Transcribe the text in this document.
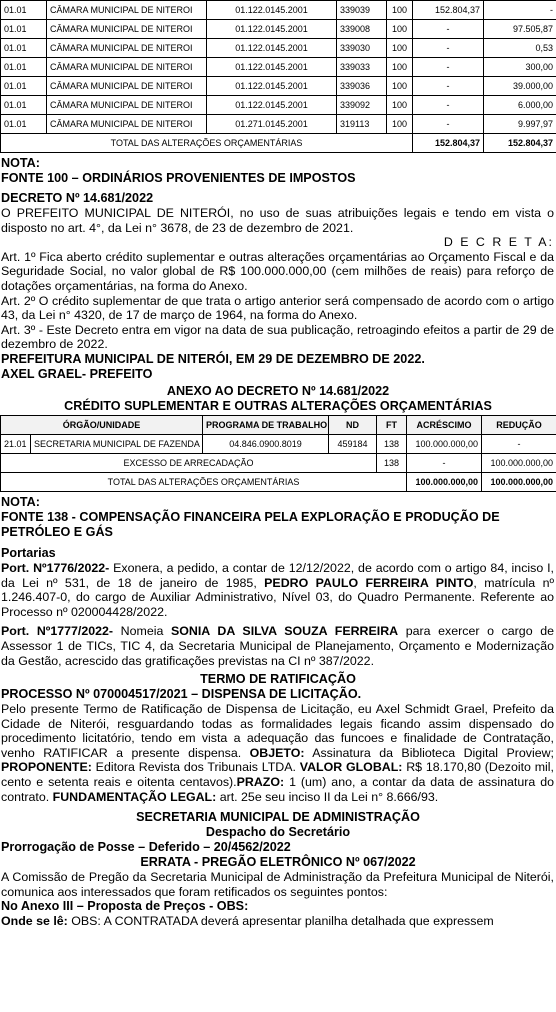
01.01	CÂMARA MUNICIPAL DE NITEROI	01.122.0145.2001	339039	100	152.804,37	-
01.01	CÂMARA MUNICIPAL DE NITEROI	01.122.0145.2001	339008	100	-	97.505,87
01.01	CÂMARA MUNICIPAL DE NITEROI	01.122.0145.2001	339030	100	-	0,53
01.01	CÂMARA MUNICIPAL DE NITEROI	01.122.0145.2001	339033	100	-	300,00
01.01	CÂMARA MUNICIPAL DE NITEROI	01.122.0145.2001	339036	100	-	39.000,00
01.01	CÂMARA MUNICIPAL DE NITEROI	01.122.0145.2001	339092	100	-	6.000,00
01.01	CÂMARA MUNICIPAL DE NITEROI	01.271.0145.2001	319113	100	-	9.997,97
TOTAL DAS ALTERAÇÕES ORÇAMENTÁRIAS					152.804,37	152.804,37
NOTA:
FONTE 100 – ORDINÁRIOS PROVENIENTES DE IMPOSTOS
DECRETO Nº 14.681/2022
O PREFEITO MUNICIPAL DE NITERÓI, no uso de suas atribuições legais e tendo em vista o disposto no art. 4°, da Lei n° 3678, de 23 de dezembro de 2021.
D E C R E T A:
Art. 1º Fica aberto crédito suplementar e outras alterações orçamentárias ao Orçamento Fiscal e da Seguridade Social, no valor global de R$ 100.000.000,00 (cem milhões de reais) para reforço de dotações orçamentárias, na forma do Anexo.
Art. 2º O crédito suplementar de que trata o artigo anterior será compensado de acordo com o artigo 43, da Lei n° 4320, de 17 de março de 1964, na forma do Anexo.
Art. 3º - Este Decreto entra em vigor na data de sua publicação, retroagindo efeitos a partir de 29 de dezembro de 2022.
PREFEITURA MUNICIPAL DE NITERÓI, EM 29 DE DEZEMBRO DE 2022.
AXEL GRAEL- PREFEITO
ANEXO AO DECRETO Nº 14.681/2022
CRÉDITO SUPLEMENTAR E OUTRAS ALTERAÇÕES ORÇAMENTÁRIAS
ÓRGÃO/UNIDADE		PROGRAMA DE TRABALHO	ND	FT	ACRÉSCIMO	REDUÇÃO
21.01	SECRETARIA MUNICIPAL DE FAZENDA	04.846.0900.8019	459184	138	100.000.000,00	-
EXCESSO DE ARRECADAÇÃO				138	-	100.000.000,00
TOTAL DAS ALTERAÇÕES ORÇAMENTÁRIAS					100.000.000,00	100.000.000,00
NOTA:
FONTE 138 - COMPENSAÇÃO FINANCEIRA PELA EXPLORAÇÃO E PRODUÇÃO DE PETRÓLEO E GÁS
Portarias
Port. Nº1776/2022- Exonera, a pedido, a contar de 12/12/2022, de acordo com o artigo 84, inciso I, da Lei nº 531, de 18 de janeiro de 1985, PEDRO PAULO FERREIRA PINTO, matrícula nº 1.246.407-0, do cargo de Auxiliar Administrativo, Nível 03, do Quadro Permanente. Referente ao Processo nº 020004428/2022.
Port. Nº1777/2022- Nomeia SONIA DA SILVA SOUZA FERREIRA para exercer o cargo de Assessor 1 de TICs, TIC 4, da Secretaria Municipal de Planejamento, Orçamento e Modernização da Gestão, acrescido das gratificações previstas na CI nº 387/2022.
TERMO DE RATIFICAÇÃO
PROCESSO Nº 070004517/2021 – DISPENSA DE LICITAÇÃO.
Pelo presente Termo de Ratificação de Dispensa de Licitação, eu Axel Schmidt Grael, Prefeito da Cidade de Niterói, resguardando todas as formalidades legais ficando assim dispensado do procedimento licitatório, tendo em vista a adequação das funcoes e finalidade de Contratação, venho RATIFICAR a presente dispensa. OBJETO: Assinatura da Biblioteca Digital Proview; PROPONENTE: Editora Revista dos Tribunais LTDA. VALOR GLOBAL: R$ 18.170,80 (Dezoito mil, cento e setenta reais e oitenta centavos).PRAZO: 1 (um) ano, a contar da data de assinatura do contrato. FUNDAMENTAÇÃO LEGAL: art. 25e seu inciso II da Lei n° 8.666/93.
SECRETARIA MUNICIPAL DE ADMINISTRAÇÃO
Despacho do Secretário
Prorrogação de Posse – Deferido – 20/4562/2022
ERRATA - PREGÃO ELETRÔNICO Nº 067/2022
A Comissão de Pregão da Secretaria Municipal de Administração da Prefeitura Municipal de Niterói, comunica aos interessados que foram retificados os seguintes pontos:
No Anexo III – Proposta de Preços - OBS:
Onde se lê: OBS: A CONTRATADA deverá apresentar planilha detalhada que expressem
